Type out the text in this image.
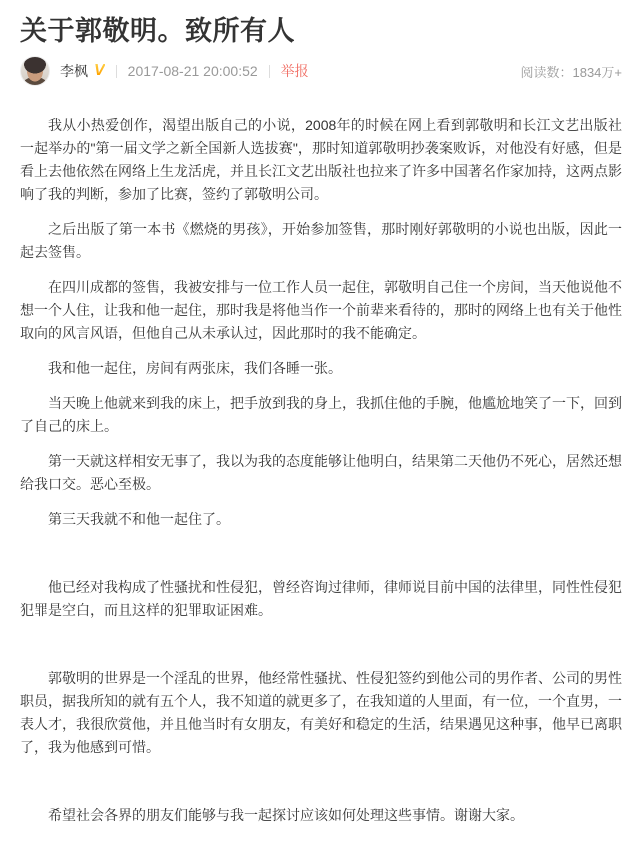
关于郭敬明。致所有人
李枫 V 2017-08-21 20:00:52 举报	阅读数：1834万+

我从小热爱创作，渴望出版自己的小说，2008年的时候在网上看到郭敬明和长江文艺出版社一起举办的"第一届文学之新全国新人选拔赛"，那时知道郭敬明抄袭案败诉，对他没有好感，但是看上去他依然在网络上生龙活虎，并且长江文艺出版社也拉来了许多中国著名作家加持，这两点影响了我的判断，参加了比赛，签约了郭敬明公司。

之后出版了第一本书《燃烧的男孩》，开始参加签售，那时刚好郭敬明的小说也出版，因此一起去签售。

在四川成都的签售，我被安排与一位工作人员一起住，郭敬明自己住一个房间，当天他说他不想一个人住，让我和他一起住，那时我是将他当作一个前辈来看待的，那时的网络上也有关于他性取向的风言风语，但他自己从未承认过，因此那时的我不能确定。

我和他一起住，房间有两张床，我们各睡一张。

当天晚上他就来到我的床上，把手放到我的身上，我抓住他的手腕，他尴尬地笑了一下，回到了自己的床上。

第一天就这样相安无事了，我以为我的态度能够让他明白，结果第二天他仍不死心，居然还想给我口交。恶心至极。

第三天我就不和他一起住了。

他已经对我构成了性骚扰和性侵犯，曾经咨询过律师，律师说目前中国的法律里，同性性侵犯犯罪是空白，而且这样的犯罪取证困难。

郭敬明的世界是一个淫乱的世界，他经常性骚扰、性侵犯签约到他公司的男作者、公司的男性职员，据我所知的就有五个人，我不知道的就更多了，在我知道的人里面，有一位，一个直男，一表人才，我很欣赏他，并且他当时有女朋友，有美好和稳定的生活，结果遇见这种事，他早已离职了，我为他感到可惜。

希望社会各界的朋友们能够与我一起探讨应该如何处理这些事情。谢谢大家。
